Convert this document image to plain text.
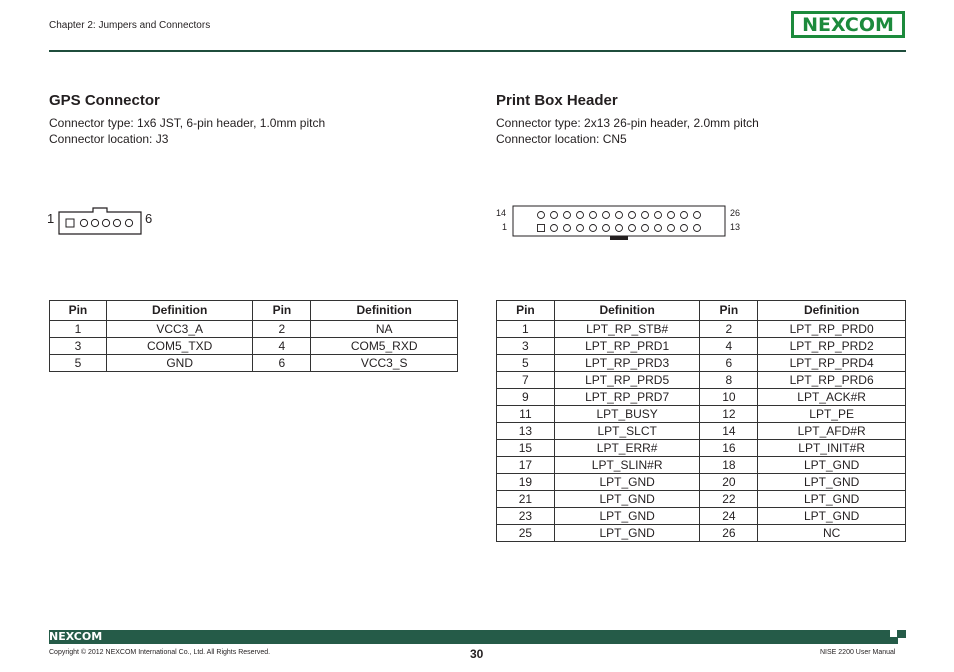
Chapter 2: Jumpers and Connectors	NEXCOM
GPS Connector
Connector type: 1x6 JST, 6-pin header, 1.0mm pitch
Connector location: J3
1	6
Pin	Definition	Pin	Definition
1	VCC3_A	2	NA
3	COM5_TXD	4	COM5_RXD
5	GND	6	VCC3_S
Print Box Header
Connector type: 2x13 26-pin header, 2.0mm pitch
Connector location: CN5
14
1
26
13
Pin	Definition	Pin	Definition
1	LPT_RP_STB#	2	LPT_RP_PRD0
3	LPT_RP_PRD1	4	LPT_RP_PRD2
5	LPT_RP_PRD3	6	LPT_RP_PRD4
7	LPT_RP_PRD5	8	LPT_RP_PRD6
9	LPT_RP_PRD7	10	LPT_ACK#R
11	LPT_BUSY	12	LPT_PE
13	LPT_SLCT	14	LPT_AFD#R
15	LPT_ERR#	16	LPT_INIT#R
17	LPT_SLIN#R	18	LPT_GND
19	LPT_GND	20	LPT_GND
21	LPT_GND	22	LPT_GND
23	LPT_GND	24	LPT_GND
25	LPT_GND	26	NC
NEXCOM
Copyright © 2012 NEXCOM International Co., Ltd. All Rights Reserved.	30	NISE 2200 User Manual
